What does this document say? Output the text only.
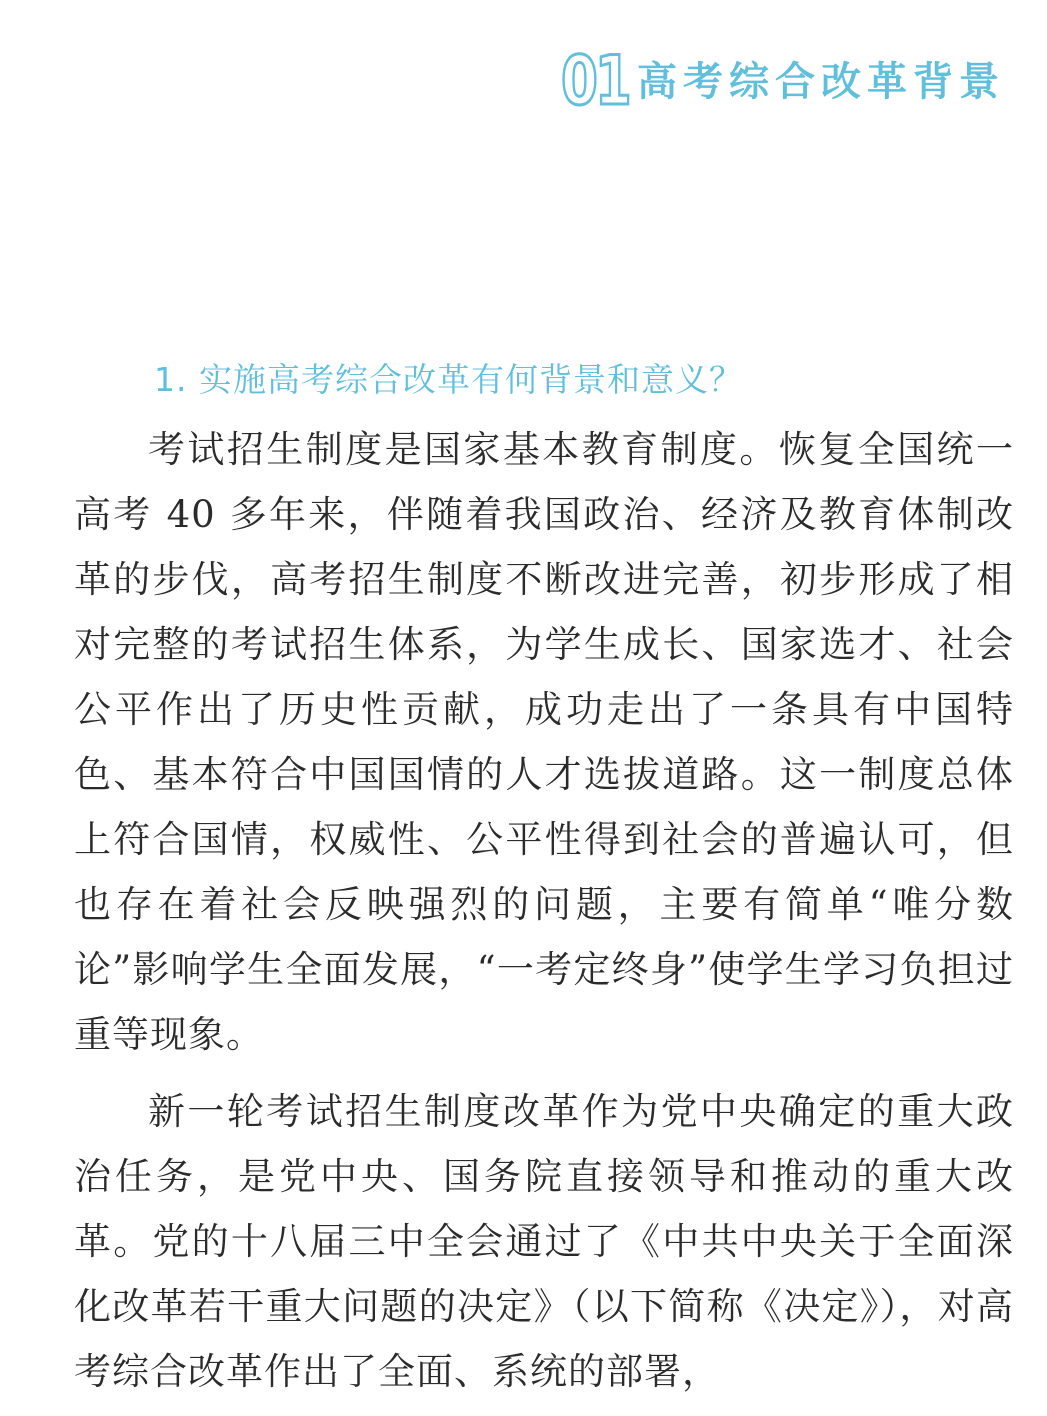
01 高考综合改革背景
1. 实施高考综合改革有何背景和意义？

考试招生制度是国家基本教育制度。恢复全国统一高考 40 多年来，伴随着我国政治、经济及教育体制改革的步伐，高考招生制度不断改进完善，初步形成了相对完整的考试招生体系，为学生成长、国家选才、社会公平作出了历史性贡献，成功走出了一条具有中国特色、基本符合中国国情的人才选拔道路。这一制度总体上符合国情，权威性、公平性得到社会的普遍认可，但也存在着社会反映强烈的问题，主要有简单“唯分数论”影响学生全面发展，“一考定终身”使学生学习负担过重等现象。

新一轮考试招生制度改革作为党中央确定的重大政治任务，是党中央、国务院直接领导和推动的重大改革。党的十八届三中全会通过了《中共中央关于全面深化改革若干重大问题的决定》（以下简称《决定》），对高考综合改革作出了全面、系统的部署，
